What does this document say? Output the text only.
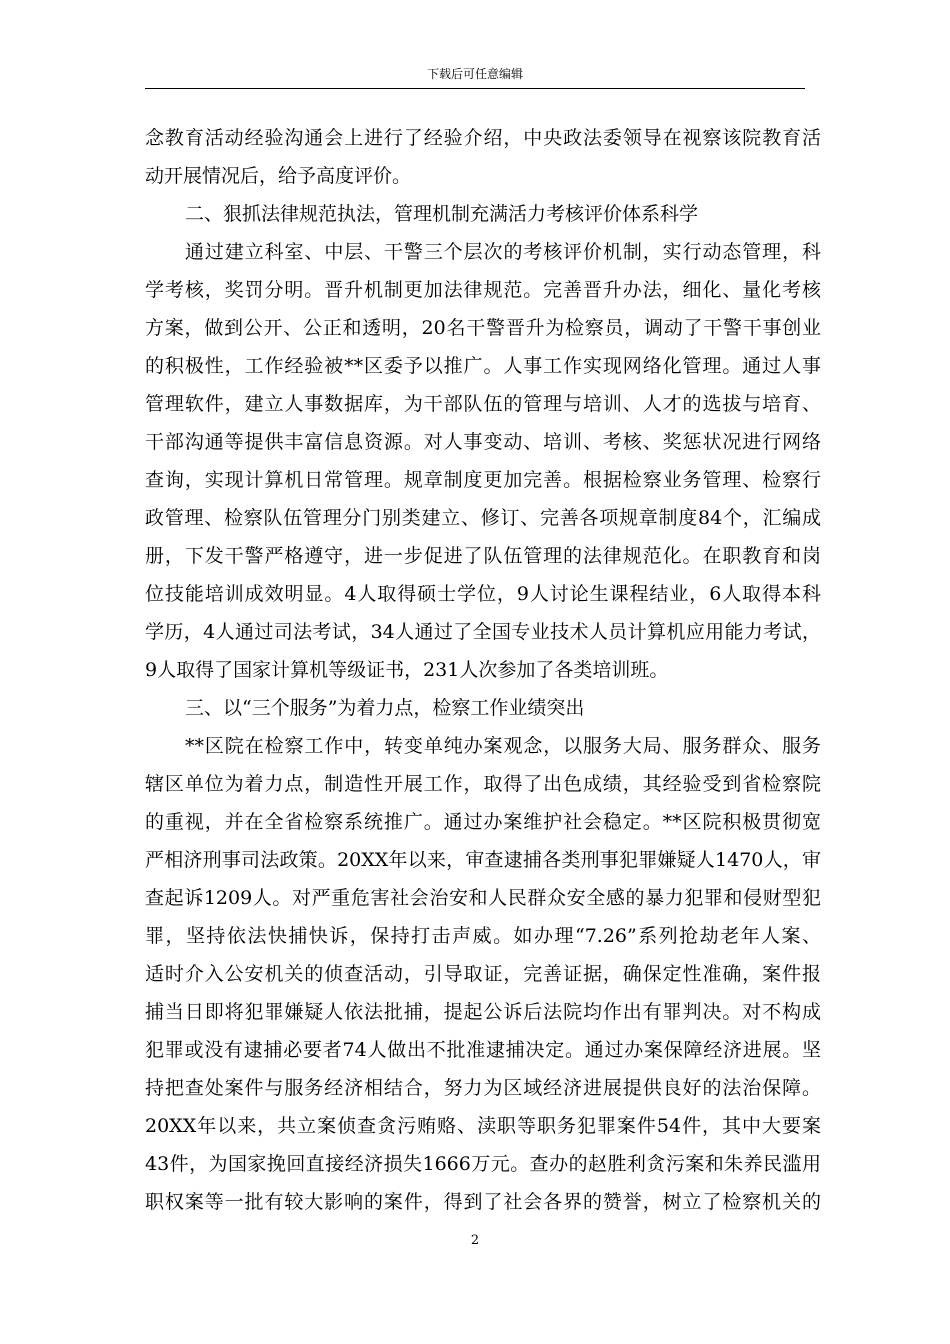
下载后可任意编辑
念教育活动经验沟通会上进行了经验介绍，中央政法委领导在视察该院教育活
动开展情况后，给予高度评价。
二、狠抓法律规范执法，管理机制充满活力考核评价体系科学
通过建立科室、中层、干警三个层次的考核评价机制，实行动态管理，科
学考核，奖罚分明。晋升机制更加法律规范。完善晋升办法，细化、量化考核
方案，做到公开、公正和透明，20名干警晋升为检察员，调动了干警干事创业
的积极性，工作经验被**区委予以推广。人事工作实现网络化管理。通过人事
管理软件，建立人事数据库，为干部队伍的管理与培训、人才的选拔与培育、
干部沟通等提供丰富信息资源。对人事变动、培训、考核、奖惩状况进行网络
查询，实现计算机日常管理。规章制度更加完善。根据检察业务管理、检察行
政管理、检察队伍管理分门别类建立、修订、完善各项规章制度84个，汇编成
册，下发干警严格遵守，进一步促进了队伍管理的法律规范化。在职教育和岗
位技能培训成效明显。4人取得硕士学位，9人讨论生课程结业，6人取得本科
学历，4人通过司法考试，34人通过了全国专业技术人员计算机应用能力考试，
9人取得了国家计算机等级证书，231人次参加了各类培训班。
三、以“三个服务”为着力点，检察工作业绩突出
**区院在检察工作中，转变单纯办案观念，以服务大局、服务群众、服务
辖区单位为着力点，制造性开展工作，取得了出色成绩，其经验受到省检察院
的重视，并在全省检察系统推广。通过办案维护社会稳定。**区院积极贯彻宽
严相济刑事司法政策。20XX年以来，审查逮捕各类刑事犯罪嫌疑人1470人，审
查起诉1209人。对严重危害社会治安和人民群众安全感的暴力犯罪和侵财型犯
罪，坚持依法快捕快诉，保持打击声威。如办理“7.26”系列抢劫老年人案、
适时介入公安机关的侦查活动，引导取证，完善证据，确保定性准确，案件报
捕当日即将犯罪嫌疑人依法批捕，提起公诉后法院均作出有罪判决。对不构成
犯罪或没有逮捕必要者74人做出不批准逮捕决定。通过办案保障经济进展。坚
持把查处案件与服务经济相结合，努力为区域经济进展提供良好的法治保障。
20XX年以来，共立案侦查贪污贿赂、渎职等职务犯罪案件54件，其中大要案
43件，为国家挽回直接经济损失1666万元。查办的赵胜利贪污案和朱养民滥用
职权案等一批有较大影响的案件，得到了社会各界的赞誉，树立了检察机关的
2
